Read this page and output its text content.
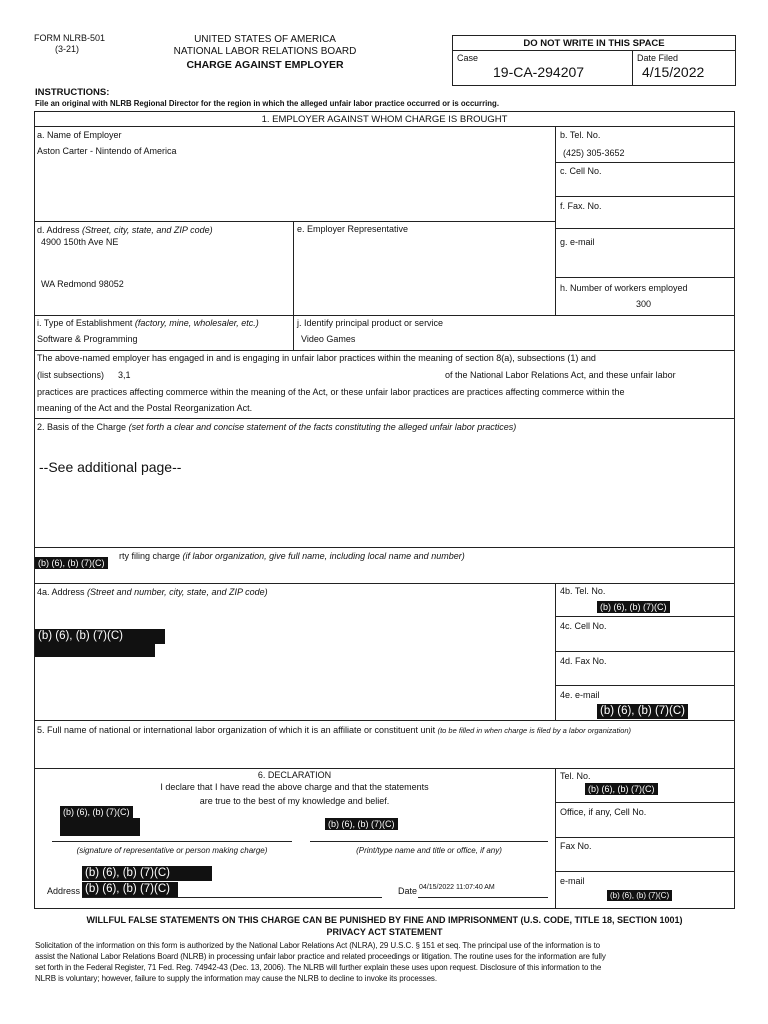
FORM NLRB-501
(3-21)
UNITED STATES OF AMERICA
NATIONAL LABOR RELATIONS BOARD
CHARGE AGAINST EMPLOYER
DO NOT WRITE IN THIS SPACE
Case
19-CA-294207
Date Filed
4/15/2022
INSTRUCTIONS:
File an original with NLRB Regional Director for the region in which the alleged unfair labor practice occurred or is occurring.
1. EMPLOYER AGAINST WHOM CHARGE IS BROUGHT
a. Name of Employer
Aston Carter - Nintendo of America
b. Tel. No.
(425) 305-3652
c. Cell No.
f. Fax. No.
d. Address (Street, city, state, and ZIP code)
4900 150th Ave NE
WA Redmond 98052
e. Employer Representative
g. e-mail
h. Number of workers employed
300
i. Type of Establishment (factory, mine, wholesaler, etc.)
Software & Programming
j. Identify principal product or service
Video Games
The above-named employer has engaged in and is engaging in unfair labor practices within the meaning of section 8(a), subsections (1) and
(list subsections) 3,1	of the National Labor Relations Act, and these unfair labor
practices are practices affecting commerce within the meaning of the Act, or these unfair labor practices are practices affecting commerce within the
meaning of the Act and the Postal Reorganization Act.
2. Basis of the Charge (set forth a clear and concise statement of the facts constituting the alleged unfair labor practices)
--See additional page--
(b) (6), (b) (7)(C)
rty filing charge (if labor organization, give full name, including local name and number)
4a. Address (Street and number, city, state, and ZIP code)
(b) (6), (b) (7)(C)
4b. Tel. No.
(b) (6), (b) (7)(C)
4c. Cell No.
4d. Fax No.
4e. e-mail
(b) (6), (b) (7)(C)
5. Full name of national or international labor organization of which it is an affiliate or constituent unit (to be filled in when charge is filed by a labor organization)
6. DECLARATION
I declare that I have read the above charge and that the statements
are true to the best of my knowledge and belief.
(b) (6), (b) (7)(C)
(b) (6), (b) (7)(C)
(signature of representative or person making charge)	(Print/type name and title or office, if any)
(b) (6), (b) (7)(C)
Address (b) (6), (b) (7)(C)	Date 04/15/2022 11:07:40 AM
Tel. No.
(b) (6), (b) (7)(C)
Office, if any, Cell No.
Fax No.
e-mail
(b) (6), (b) (7)(C)
WILLFUL FALSE STATEMENTS ON THIS CHARGE CAN BE PUNISHED BY FINE AND IMPRISONMENT (U.S. CODE, TITLE 18, SECTION 1001)
PRIVACY ACT STATEMENT
Solicitation of the information on this form is authorized by the National Labor Relations Act (NLRA), 29 U.S.C. § 151 et seq. The principal use of the information is to
assist the National Labor Relations Board (NLRB) in processing unfair labor practice and related proceedings or litigation. The routine uses for the information are fully
set forth in the Federal Register, 71 Fed. Reg. 74942-43 (Dec. 13, 2006). The NLRB will further explain these uses upon request. Disclosure of this information to the
NLRB is voluntary; however, failure to supply the information may cause the NLRB to decline to invoke its processes.
